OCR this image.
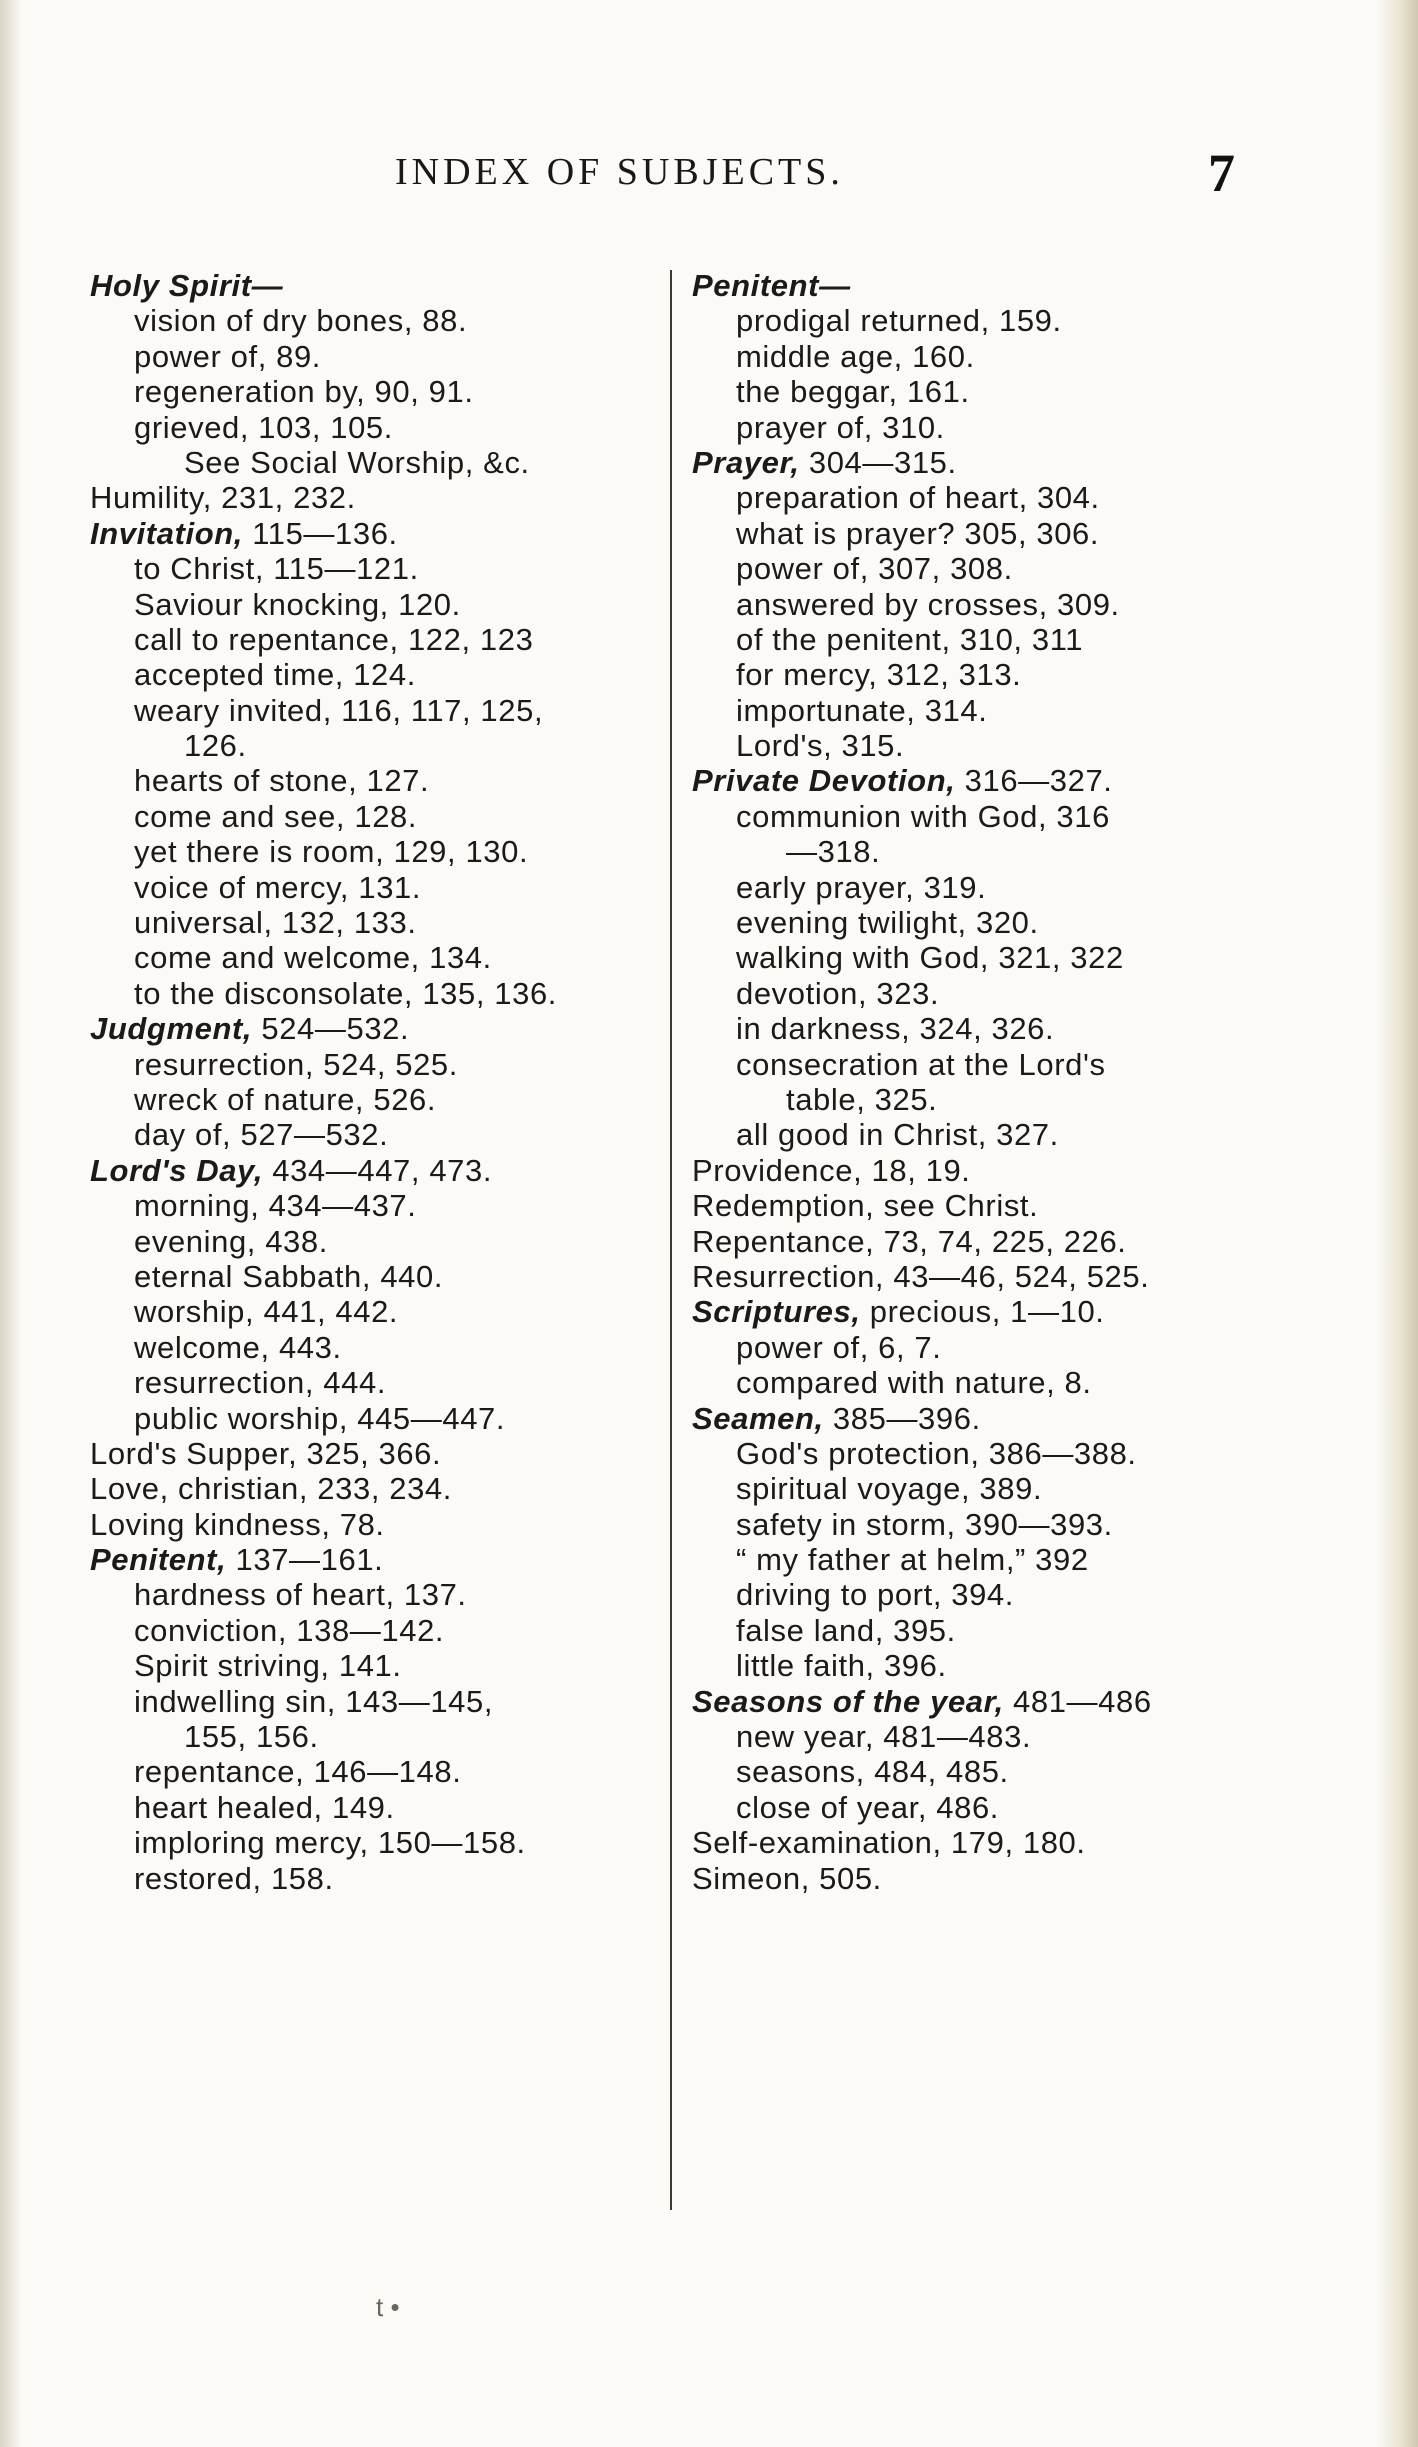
INDEX OF SUBJECTS.	7
Holy Spirit—
vision of dry bones, 88.
power of, 89.
regeneration by, 90, 91.
grieved, 103, 105.
See Social Worship, &c.
Humility, 231, 232.
Invitation, 115—136.
to Christ, 115—121.
Saviour knocking, 120.
call to repentance, 122, 123
accepted time, 124.
weary invited, 116, 117, 125,
126.
hearts of stone, 127.
come and see, 128.
yet there is room, 129, 130.
voice of mercy, 131.
universal, 132, 133.
come and welcome, 134.
to the disconsolate, 135, 136.
Judgment, 524—532.
resurrection, 524, 525.
wreck of nature, 526.
day of, 527—532.
Lord's Day, 434—447, 473.
morning, 434—437.
evening, 438.
eternal Sabbath, 440.
worship, 441, 442.
welcome, 443.
resurrection, 444.
public worship, 445—447.
Lord's Supper, 325, 366.
Love, christian, 233, 234.
Loving kindness, 78.
Penitent, 137—161.
hardness of heart, 137.
conviction, 138—142.
Spirit striving, 141.
indwelling sin, 143—145,
155, 156.
repentance, 146—148.
heart healed, 149.
imploring mercy, 150—158.
restored, 158.
Penitent—
prodigal returned, 159.
middle age, 160.
the beggar, 161.
prayer of, 310.
Prayer, 304—315.
preparation of heart, 304.
what is prayer? 305, 306.
power of, 307, 308.
answered by crosses, 309.
of the penitent, 310, 311
for mercy, 312, 313.
importunate, 314.
Lord's, 315.
Private Devotion, 316—327.
communion with God, 316
—318.
early prayer, 319.
evening twilight, 320.
walking with God, 321, 322
devotion, 323.
in darkness, 324, 326.
consecration at the Lord's
table, 325.
all good in Christ, 327.
Providence, 18, 19.
Redemption, see Christ.
Repentance, 73, 74, 225, 226.
Resurrection, 43—46, 524, 525.
Scriptures, precious, 1—10.
power of, 6, 7.
compared with nature, 8.
Seamen, 385—396.
God's protection, 386—388.
spiritual voyage, 389.
safety in storm, 390—393.
“ my father at helm,” 392
driving to port, 394.
false land, 395.
little faith, 396.
Seasons of the year, 481—486
new year, 481—483.
seasons, 484, 485.
close of year, 486.
Self-examination, 179, 180.
Simeon, 505.
t •
